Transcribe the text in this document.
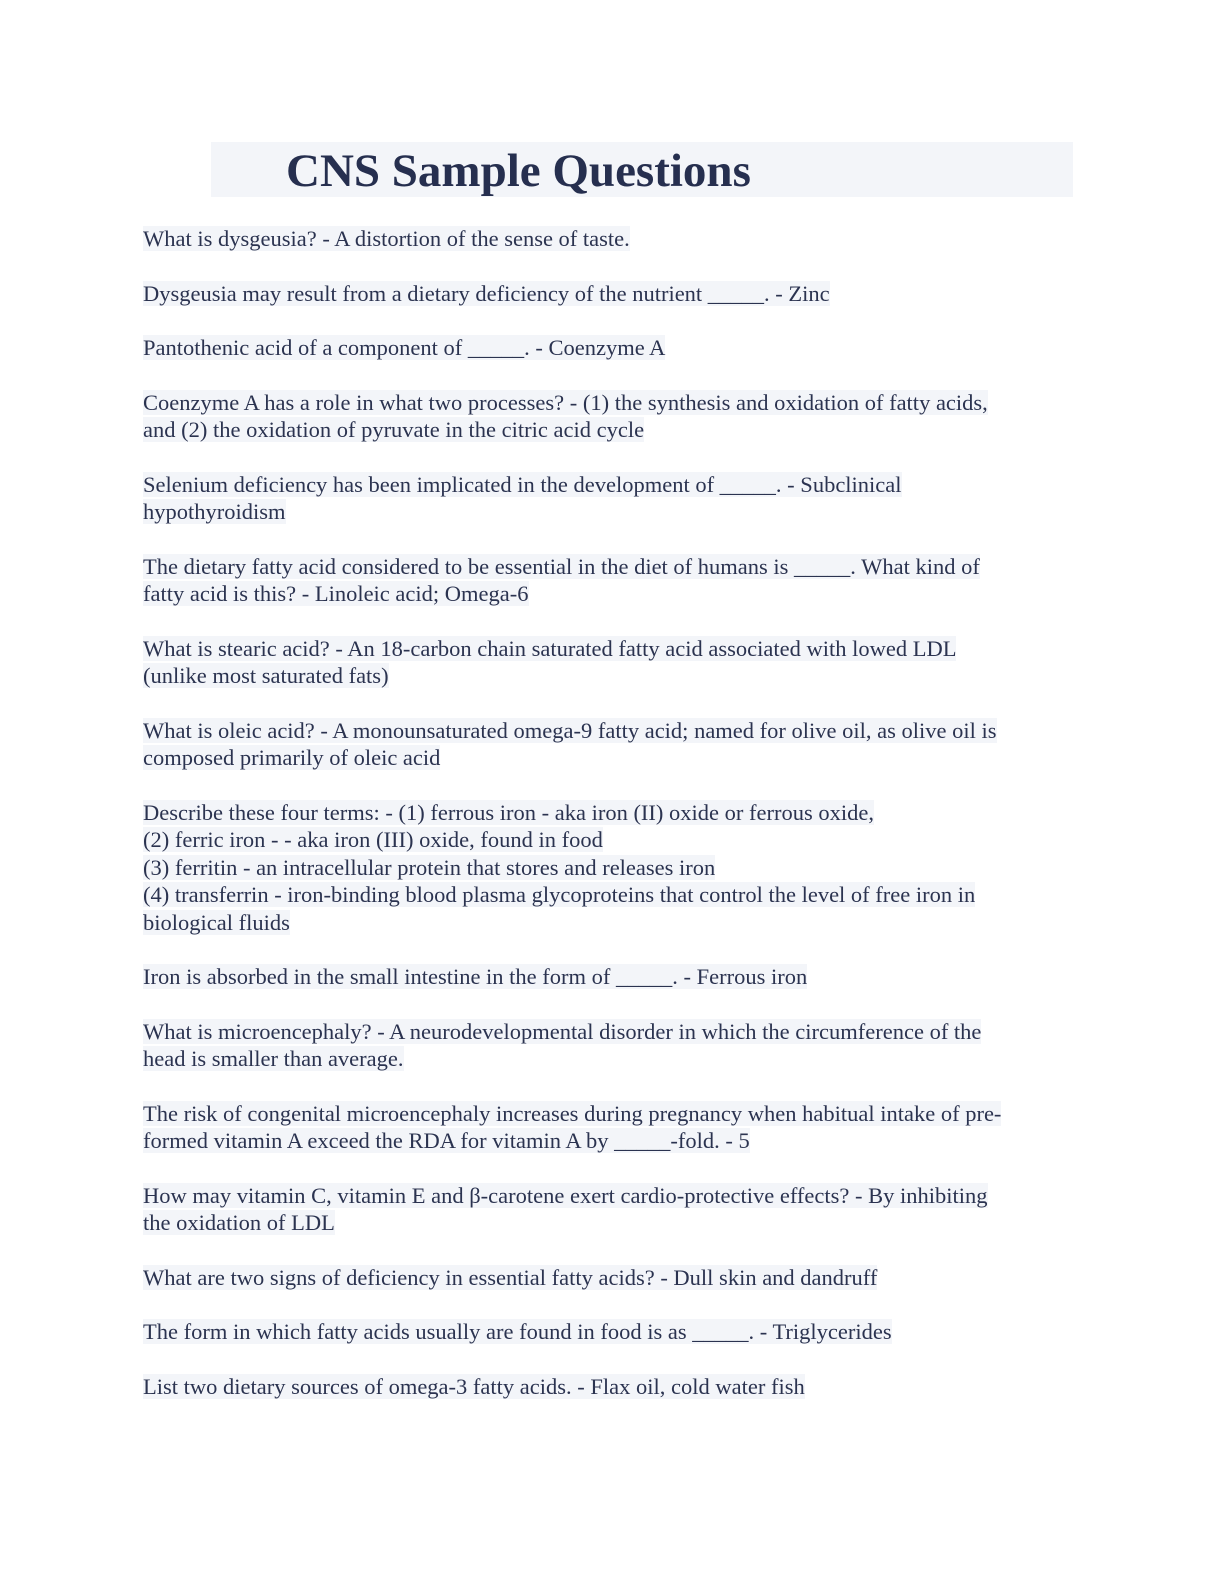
CNS Sample Questions
What is dysgeusia? - A distortion of the sense of taste.
Dysgeusia may result from a dietary deficiency of the nutrient _____. - Zinc
Pantothenic acid of a component of _____. - Coenzyme A
Coenzyme A has a role in what two processes? - (1) the synthesis and oxidation of fatty acids,
and (2) the oxidation of pyruvate in the citric acid cycle
Selenium deficiency has been implicated in the development of _____. - Subclinical
hypothyroidism
The dietary fatty acid considered to be essential in the diet of humans is _____. What kind of
fatty acid is this? - Linoleic acid; Omega-6
What is stearic acid? - An 18-carbon chain saturated fatty acid associated with lowed LDL
(unlike most saturated fats)
What is oleic acid? - A monounsaturated omega-9 fatty acid; named for olive oil, as olive oil is
composed primarily of oleic acid
Describe these four terms: - (1) ferrous iron - aka iron (II) oxide or ferrous oxide,
(2) ferric iron - - aka iron (III) oxide, found in food
(3) ferritin - an intracellular protein that stores and releases iron
(4) transferrin - iron-binding blood plasma glycoproteins that control the level of free iron in
biological fluids
Iron is absorbed in the small intestine in the form of _____. - Ferrous iron
What is microencephaly? - A neurodevelopmental disorder in which the circumference of the
head is smaller than average.
The risk of congenital microencephaly increases during pregnancy when habitual intake of pre-
formed vitamin A exceed the RDA for vitamin A by _____-fold. - 5
How may vitamin C, vitamin E and β-carotene exert cardio-protective effects? - By inhibiting
the oxidation of LDL
What are two signs of deficiency in essential fatty acids? - Dull skin and dandruff
The form in which fatty acids usually are found in food is as _____. - Triglycerides
List two dietary sources of omega-3 fatty acids. - Flax oil, cold water fish
